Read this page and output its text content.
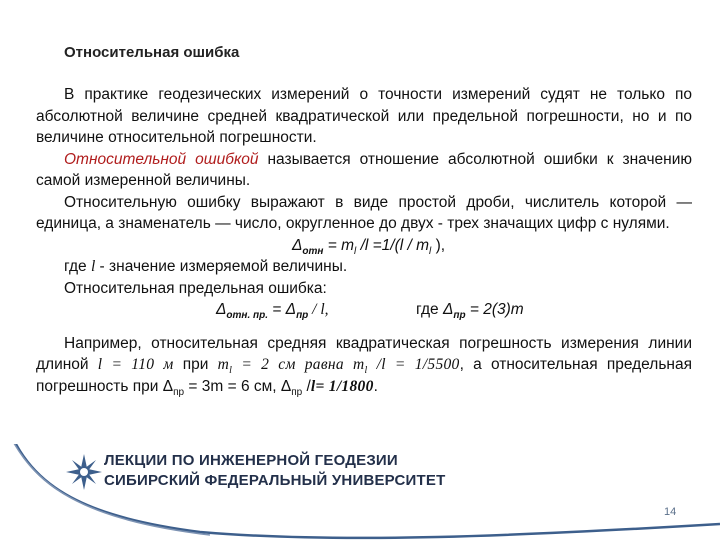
Относительная ошибка

В практике геодезических измерений о точности измерений судят не только по абсолютной величине средней квадратической или предельной погрешности, но и по величине относительной погрешности.

Относительной ошибкой называется отношение абсолютной ошибки к значению самой измеренной величины.

Относительную ошибку выражают в виде простой дроби, числитель которой — единица, а знаменатель — число, округленное до двух - трех значащих цифр с нулями.

$\Delta_{отн} = m_l$ $/l =1/(l / m_l$ ),

где l - значение измеряемой величины.

Относительная предельная ошибка:

$\Delta_{отн. пр.} = \Delta_{пр} / l$,	где $\Delta_{пр} = 2(3)m$

Например, относительная средняя квадратическая погрешность измерения линии длиной l = 110 м при $m_l = 2$ см равна $m_l$ /l = 1/5500, а относительная предельная погрешность при $\Delta_{пр} = 3m = 6$ см, $\Delta_{пр}$ /l= 1/1800.

ЛЕКЦИИ ПО ИНЖЕНЕРНОЙ ГЕОДЕЗИИ
СИБИРСКИЙ ФЕДЕРАЛЬНЫЙ УНИВЕРСИТЕТ
14
